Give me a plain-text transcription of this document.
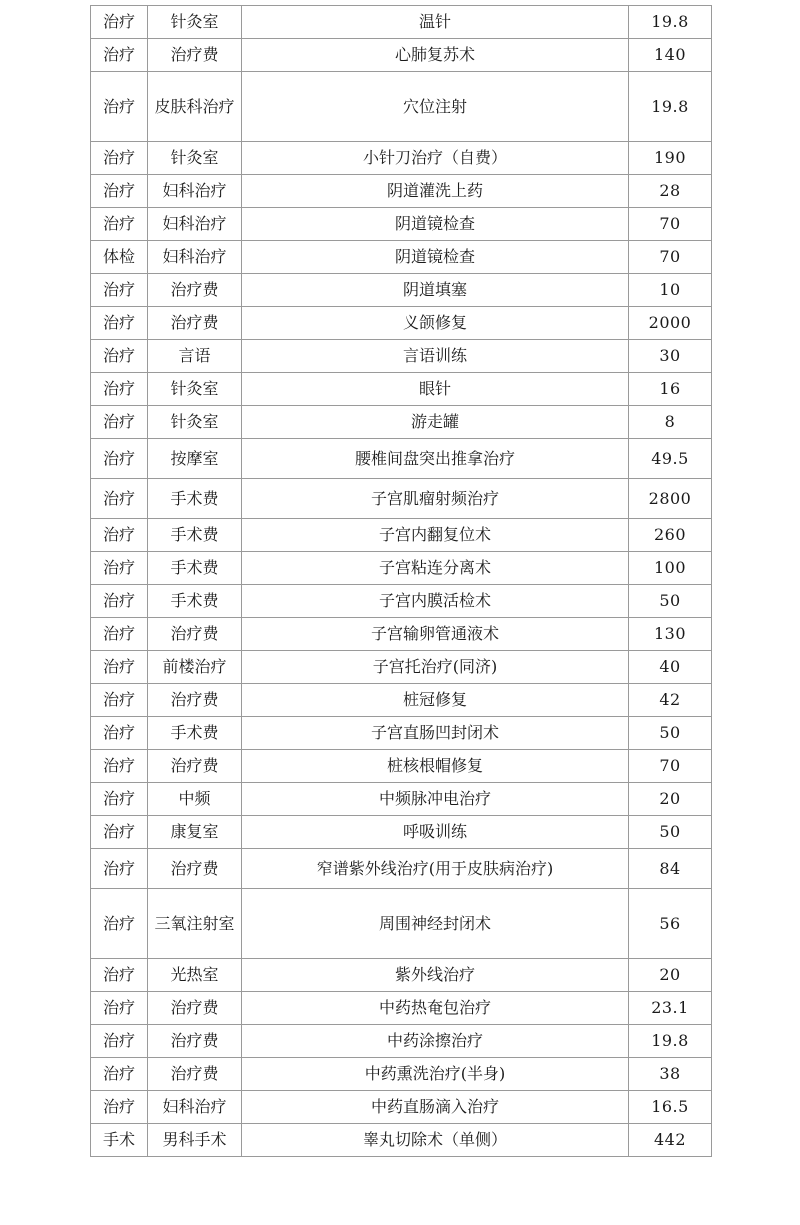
治疗	针灸室	温针	19.8
治疗	治疗费	心肺复苏术	140
治疗	皮肤科治疗	穴位注射	19.8
治疗	针灸室	小针刀治疗（自费）	190
治疗	妇科治疗	阴道灌洗上药	28
治疗	妇科治疗	阴道镜检查	70
体检	妇科治疗	阴道镜检查	70
治疗	治疗费	阴道填塞	10
治疗	治疗费	义颌修复	2000
治疗	言语	言语训练	30
治疗	针灸室	眼针	16
治疗	针灸室	游走罐	8
治疗	按摩室	腰椎间盘突出推拿治疗	49.5
治疗	手术费	子宫肌瘤射频治疗	2800
治疗	手术费	子宫内翻复位术	260
治疗	手术费	子宫粘连分离术	100
治疗	手术费	子宫内膜活检术	50
治疗	治疗费	子宫输卵管通液术	130
治疗	前楼治疗	子宫托治疗(同济)	40
治疗	治疗费	桩冠修复	42
治疗	手术费	子宫直肠凹封闭术	50
治疗	治疗费	桩核根帽修复	70
治疗	中频	中频脉冲电治疗	20
治疗	康复室	呼吸训练	50
治疗	治疗费	窄谱紫外线治疗(用于皮肤病治疗)	84
治疗	三氧注射室	周围神经封闭术	56
治疗	光热室	紫外线治疗	20
治疗	治疗费	中药热奄包治疗	23.1
治疗	治疗费	中药涂擦治疗	19.8
治疗	治疗费	中药熏洗治疗(半身)	38
治疗	妇科治疗	中药直肠滴入治疗	16.5
手术	男科手术	睾丸切除术（单侧）	442
